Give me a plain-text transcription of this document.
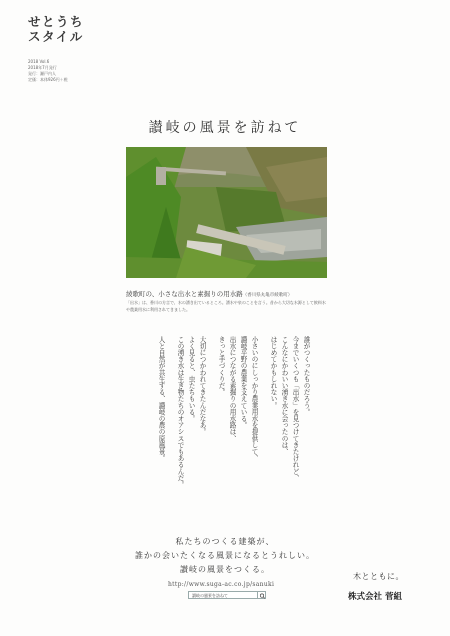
せとうち
スタイル
2018 Vol.6
2018年7月発行
発行：瀬戸内人
定価：本体926円＋税
讃岐の風景を訪ねて
綾歌町の、小さな出水と素掘りの用水路（香川県丸亀市綾歌町）
「出水」は、香川の方言で、水の湧き出ているところ。湧水や泉のことを言う。昔から大切な水源として飲料水や農業用水に利用されてきました。
誰がつくったものだろう。
今までいくつも「出水」を見つけてきたけれど、
こんなにかわいい湧き水に会ったのは、
はじめてかもしれない。
小さいのにしっかり農業用水を提供して、
讃岐平野の農業を支えている。
出水につながる素掘りの用水路は、
きっと手づくりだ。
大切につかわれてきたんだなあ。
よく見ると、虫たちもいる。
この湧き水は生き物たちのオアシスでもあるんだ。
人と自然が共生する、讃岐の農の原風景。
私たちのつくる建築が、
誰かの会いたくなる風景になるとうれしい。
讃岐の風景をつくる。
http://www.suga-ac.co.jp/sanuki
讃岐の風景を訪ねて
木とともに。
株式会社 菅組
